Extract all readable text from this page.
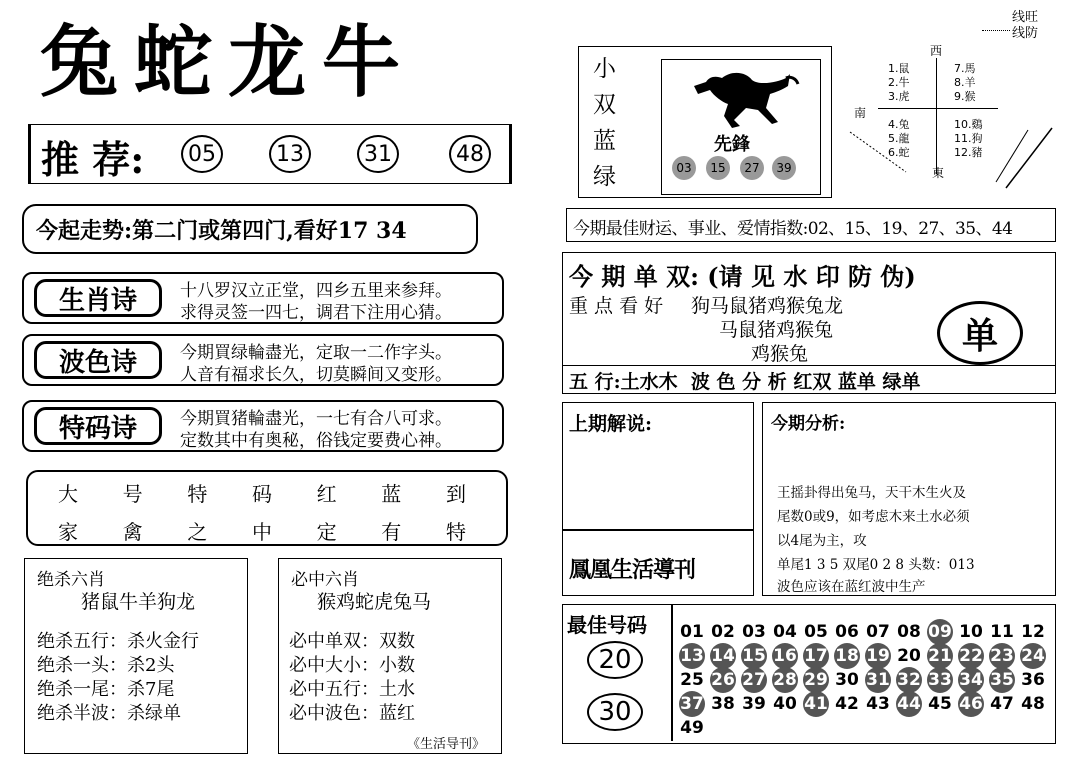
兔蛇龙牛
推 荐:	05	13	31	48
今起走势:第二门或第四门,看好17 34
生肖诗	十八罗汉立正堂，四乡五里来参拜。
求得灵签一四七，调君下注用心猜。
波色诗	今期買绿輪盡光，定取一二作字头。
人音有福求长久，切莫瞬间又变形。
特码诗	今期買猪輪盡光，一七有合八可求。
定数其中有奥秘，俗钱定要费心神。
大 号 特 码 红 蓝 到
家 禽 之 中 定 有 特
绝杀六肖
猪鼠牛羊狗龙
绝杀五行：杀火金行
绝杀一头：杀2头
绝杀一尾：杀7尾
绝杀半波：杀绿单
必中六肖
猴鸡蛇虎兔马
必中单双：双数
必中大小：小数
必中五行：土水
必中波色：蓝红
《生活导刊》
线旺
线防
小
双
蓝
绿
先鋒
03	15	27	39
西
南
東
1.鼠
2.牛
3.虎
4.兔
5.龍
6.蛇
7.馬
8.羊
9.猴
10.鷄
11.狗
12.豬
今期最佳财运、事业、爱情指数:02、15、19、27、35、44
今 期 单 双: (请 见 水 印 防 伪)
重 点 看 好 狗马鼠猪鸡猴兔龙
马鼠猪鸡猴兔
鸡猴兔	单
五 行:土水木  波 色 分 析 红双 蓝单 绿单
上期解说:
鳳凰生活導刊
今期分析:
王摇卦得出兔马，天干木生火及
尾数0或9，如考虑木来土水必须
以4尾为主，攻
单尾1 3 5 双尾0 2 8 头数：013
波色应该在蓝红波中生产
最佳号码
20
30
01 02 03 04 05 06 07 08 09 10 11 12
13 14 15 16 17 18 19 20 21 22 23 24
25 26 27 28 29 30 31 32 33 34 35 36
37 38 39 40 41 42 43 44 45 46 47 48
49
